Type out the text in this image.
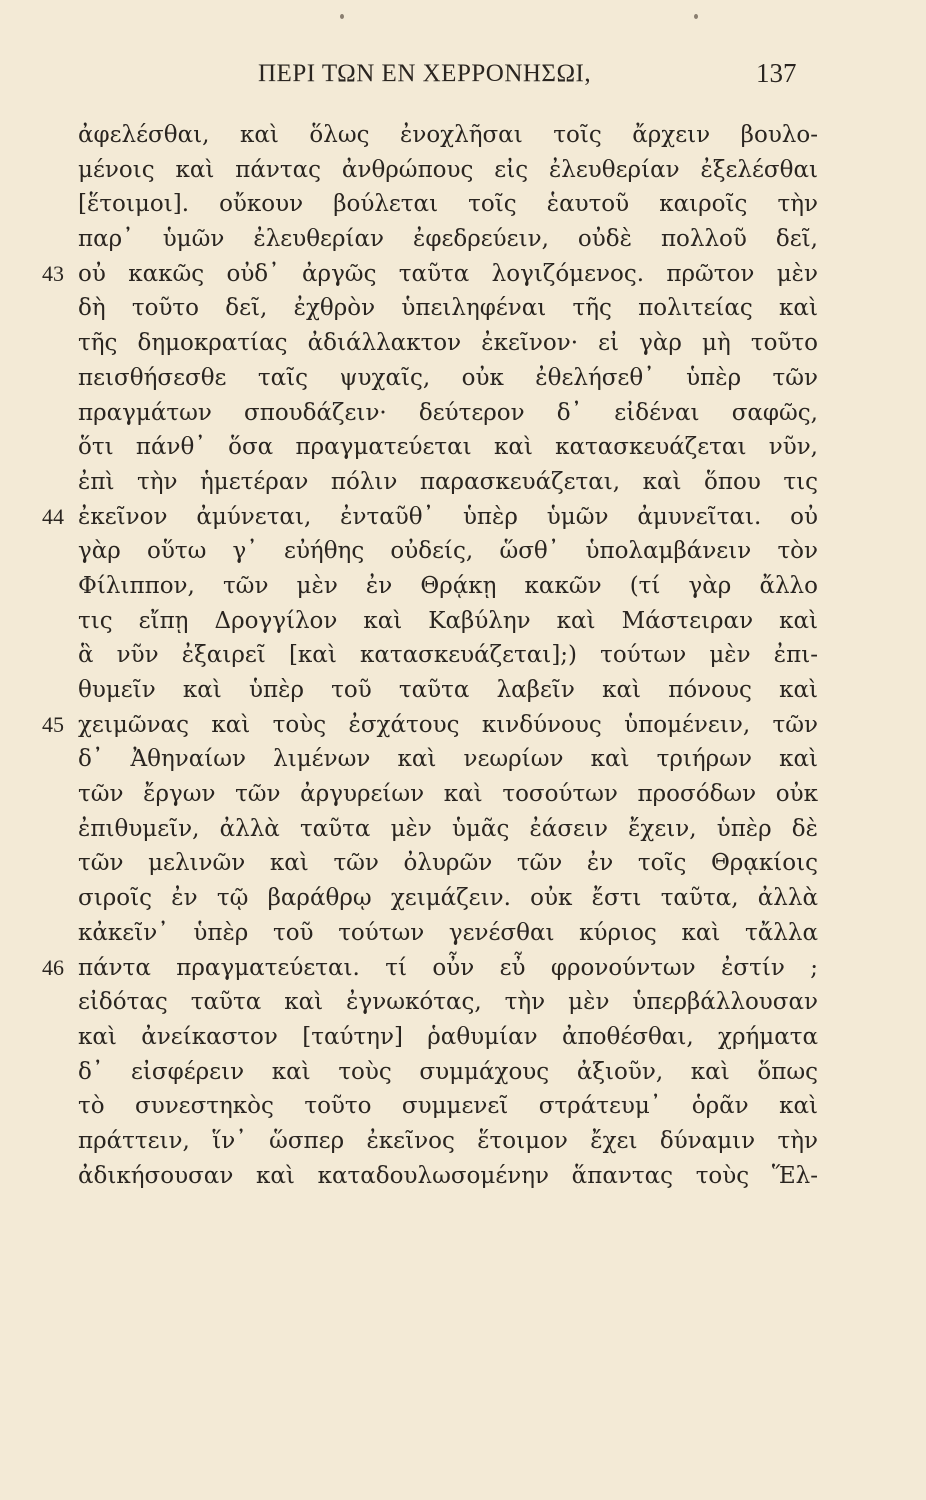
ΠΕΡΙ ΤΩΝ ΕΝ ΧΕΡΡΟΝΗΣΩΙ,	137
ἀφελέσθαι, καὶ ὅλως ἐνοχλῆσαι τοῖς ἄρχειν βουλο-
μένοις καὶ πάντας ἀνθρώπους εἰς ἐλευθερίαν ἐξελέσθαι
[ἕτοιμοι]. οὔκουν βούλεται τοῖς ἑαυτοῦ καιροῖς τὴν
παρ᾽ ὑμῶν ἐλευθερίαν ἐφεδρεύειν, οὐδὲ πολλοῦ δεῖ,
43 οὐ κακῶς οὐδ᾽ ἀργῶς ταῦτα λογιζόμενος. πρῶτον μὲν
δὴ τοῦτο δεῖ, ἐχθρὸν ὑπειληφέναι τῆς πολιτείας καὶ
τῆς δημοκρατίας ἀδιάλλακτον ἐκεῖνον· εἰ γὰρ μὴ τοῦτο
πεισθήσεσθε ταῖς ψυχαῖς, οὐκ ἐθελήσεθ᾽ ὑπὲρ τῶν
πραγμάτων σπουδάζειν· δεύτερον δ᾽ εἰδέναι σαφῶς,
ὅτι πάνθ᾽ ὅσα πραγματεύεται καὶ κατασκευάζεται νῦν,
ἐπὶ τὴν ἡμετέραν πόλιν παρασκευάζεται, καὶ ὅπου τις
44 ἐκεῖνον ἀμύνεται, ἐνταῦθ᾽ ὑπὲρ ὑμῶν ἀμυνεῖται. οὐ
γὰρ οὕτω γ᾽ εὐήθης οὐδείς, ὥσθ᾽ ὑπολαμβάνειν τὸν
Φίλιππον, τῶν μὲν ἐν Θρᾴκῃ κακῶν (τί γὰρ ἄλλο
τις εἴπῃ Δρογγίλον καὶ Καβύλην καὶ Μάστειραν καὶ
ἃ νῦν ἐξαιρεῖ [καὶ κατασκευάζεται];) τούτων μὲν ἐπι-
θυμεῖν καὶ ὑπὲρ τοῦ ταῦτα λαβεῖν καὶ πόνους καὶ
45 χειμῶνας καὶ τοὺς ἐσχάτους κινδύνους ὑπομένειν, τῶν
δ᾽ Ἀθηναίων λιμένων καὶ νεωρίων καὶ τριήρων καὶ
τῶν ἔργων τῶν ἀργυρείων καὶ τοσούτων προσόδων οὐκ
ἐπιθυμεῖν, ἀλλὰ ταῦτα μὲν ὑμᾶς ἐάσειν ἔχειν, ὑπὲρ δὲ
τῶν μελινῶν καὶ τῶν ὀλυρῶν τῶν ἐν τοῖς Θρᾳκίοις
σιροῖς ἐν τῷ βαράθρῳ χειμάζειν. οὐκ ἔστι ταῦτα, ἀλλὰ
κἀκεῖν᾽ ὑπὲρ τοῦ τούτων γενέσθαι κύριος καὶ τἄλλα
46 πάντα πραγματεύεται. τί οὖν εὖ φρονούντων ἐστίν ;
εἰδότας ταῦτα καὶ ἐγνωκότας, τὴν μὲν ὑπερβάλλουσαν
καὶ ἀνείκαστον [ταύτην] ῥαθυμίαν ἀποθέσθαι, χρήματα
δ᾽ εἰσφέρειν καὶ τοὺς συμμάχους ἀξιοῦν, καὶ ὅπως
τὸ συνεστηκὸς τοῦτο συμμενεῖ στράτευμ᾽ ὁρᾶν καὶ
πράττειν, ἵν᾽ ὥσπερ ἐκεῖνος ἕτοιμον ἔχει δύναμιν τὴν
ἀδικήσουσαν καὶ καταδουλωσομένην ἅπαντας τοὺς Ἕλ-
